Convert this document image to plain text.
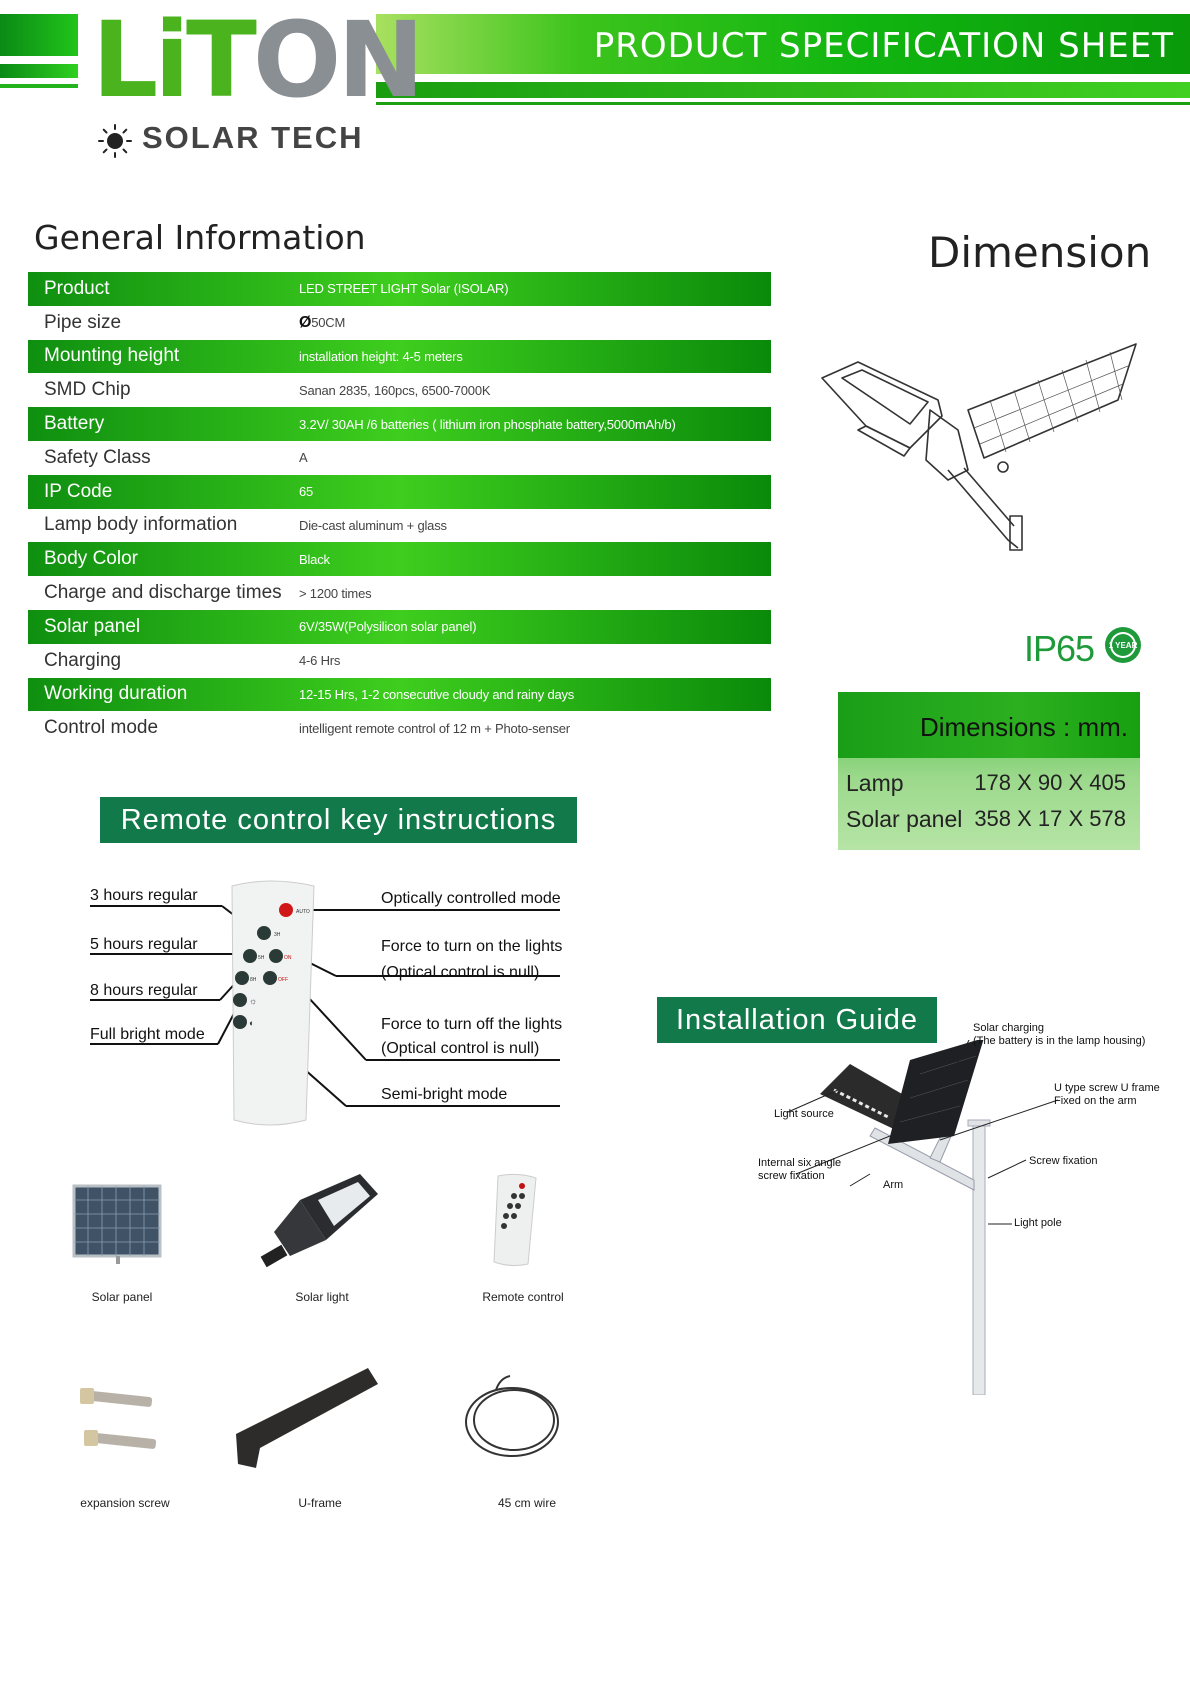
PRODUCT SPECIFICATION SHEET
LiTON
SOLAR TECH
General Information
Product	LED STREET LIGHT Solar (ISOLAR)
Pipe size	Ø50CM
Mounting height	installation height: 4-5 meters
SMD Chip	Sanan 2835, 160pcs, 6500-7000K
Battery	3.2V/ 30AH /6 batteries ( lithium iron phosphate battery,5000mAh/b)
Safety Class	A
IP Code	65
Lamp body information	Die-cast aluminum + glass
Body Color	Black
Charge and discharge times	> 1200 times
Solar panel	6V/35W(Polysilicon solar panel)
Charging	4-6 Hrs
Working duration	12-15 Hrs, 1-2 consecutive cloudy and rainy days
Control mode	intelligent remote control of 12 m + Photo-senser
Dimension
IP65 1 YEAR
Dimensions : mm.
Lamp	178 X 90 X 405
Solar panel 358 X 17 X 578
Remote control key instructions
AUTO
3H
5H	ON
8H	OFF
☼
◐
3 hours regular
5 hours regular
8 hours regular
Full bright mode
Optically controlled mode
Force to turn on the lights
(Optical control is null)
Force to turn off the lights
(Optical control is null)
Semi-bright mode
Installation Guide	Solar charging
(The battery is in the lamp housing)
U type screw U frame
Fixed on the arm
Light source
Internal six angle
screw fixation
Arm
Screw fixation
Light pole
Solar panel	Solar light	Remote control
expansion screw	U-frame	45 cm wire
